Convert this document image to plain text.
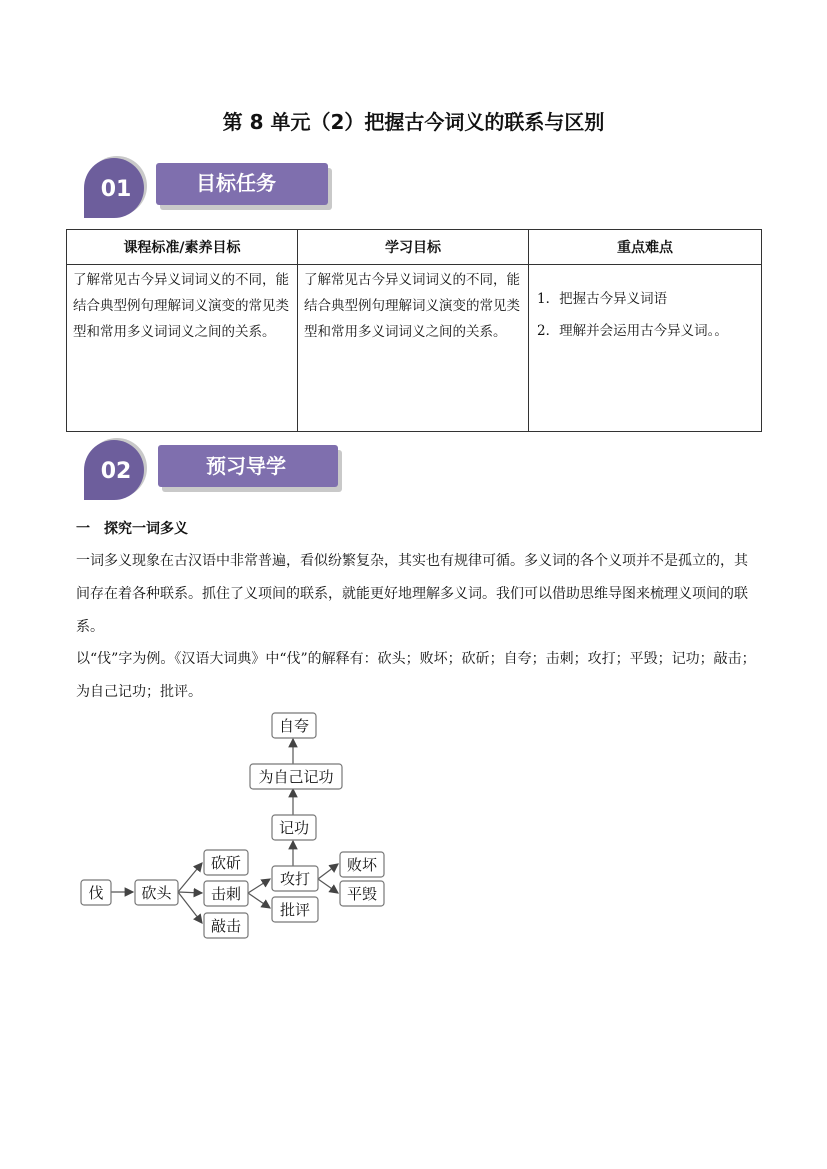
第 8 单元（2）把握古今词义的联系与区别
01	目标任务
课程标准/素养目标	学习目标	重点难点
了解常见古今异义词词义的不同，能结合典型例句理解词义演变的常见类型和常用多义词词义之间的关系。	了解常见古今异义词词义的不同，能结合典型例句理解词义演变的常见类型和常用多义词词义之间的关系。	1．把握古今异义词语
2．理解并会运用古今异义词。。
02	预习导学
一　探究一词多义
一词多义现象在古汉语中非常普遍，看似纷繁复杂，其实也有规律可循。多义词的各个义项并不是孤立的，其间存在着各种联系。抓住了义项间的联系，就能更好地理解多义词。我们可以借助思维导图来梳理义项间的联系。
以“伐”字为例。《汉语大词典》中“伐”的解释有：砍头；败坏；砍斫；自夸；击刺；攻打；平毁；记功；敲击；为自己记功；批评。
伐	砍头
砍斫
击刺
敲击
攻打
批评
败坏
平毁
记功
为自己记功
自夸
